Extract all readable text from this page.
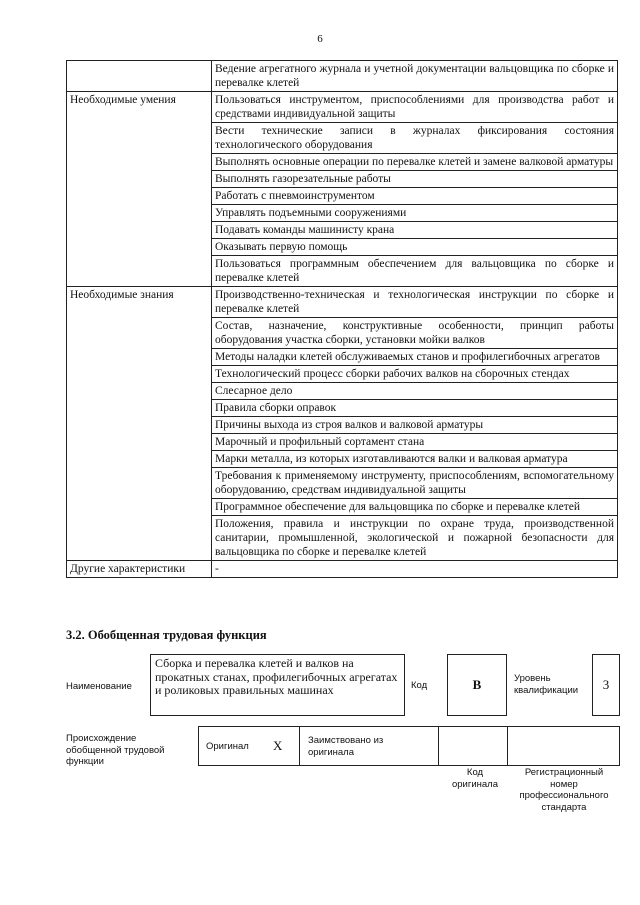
6
	Ведение агрегатного журнала и учетной документации вальцовщика по сборке и перевалке клетей
Необходимые умения	Пользоваться инструментом, приспособлениями для производства работ и средствами индивидуальной защиты
	Вести технические записи в журналах фиксирования состояния технологического оборудования
	Выполнять основные операции по перевалке клетей и замене валковой арматуры
	Выполнять газорезательные работы
	Работать с пневмоинструментом
	Управлять подъемными сооружениями
	Подавать команды машинисту крана
	Оказывать первую помощь
	Пользоваться программным обеспечением для вальцовщика по сборке и перевалке клетей
Необходимые знания	Производственно-техническая и технологическая инструкции по сборке и перевалке клетей
	Состав, назначение, конструктивные особенности, принцип работы оборудования участка сборки, установки мойки валков
	Методы наладки клетей обслуживаемых станов и профилегибочных агрегатов
	Технологический процесс сборки рабочих валков на сборочных стендах
	Слесарное дело
	Правила сборки оправок
	Причины выхода из строя валков и валковой арматуры
	Марочный и профильный сортамент стана
	Марки металла, из которых изготавливаются валки и валковая арматура
	Требования к применяемому инструменту, приспособлениям, вспомогательному оборудованию, средствам индивидуальной защиты
	Программное обеспечение для вальцовщика по сборке и перевалке клетей
	Положения, правила и инструкции по охране труда, производственной санитарии, промышленной, экологической и пожарной безопасности для вальцовщика по сборке и перевалке клетей
Другие характеристики	-
3.2. Обобщенная трудовая функция
Наименование
Сборка и перевалка клетей и валков на прокатных станах, профилегибочных агрегатах и роликовых правильных машинах	Код	B	Уровень квалификации	3
Происхождение обобщенной трудовой функции
Оригинал X	Заимствовано из оригинала
Код оригинала
Регистрационный номер профессионального стандарта
